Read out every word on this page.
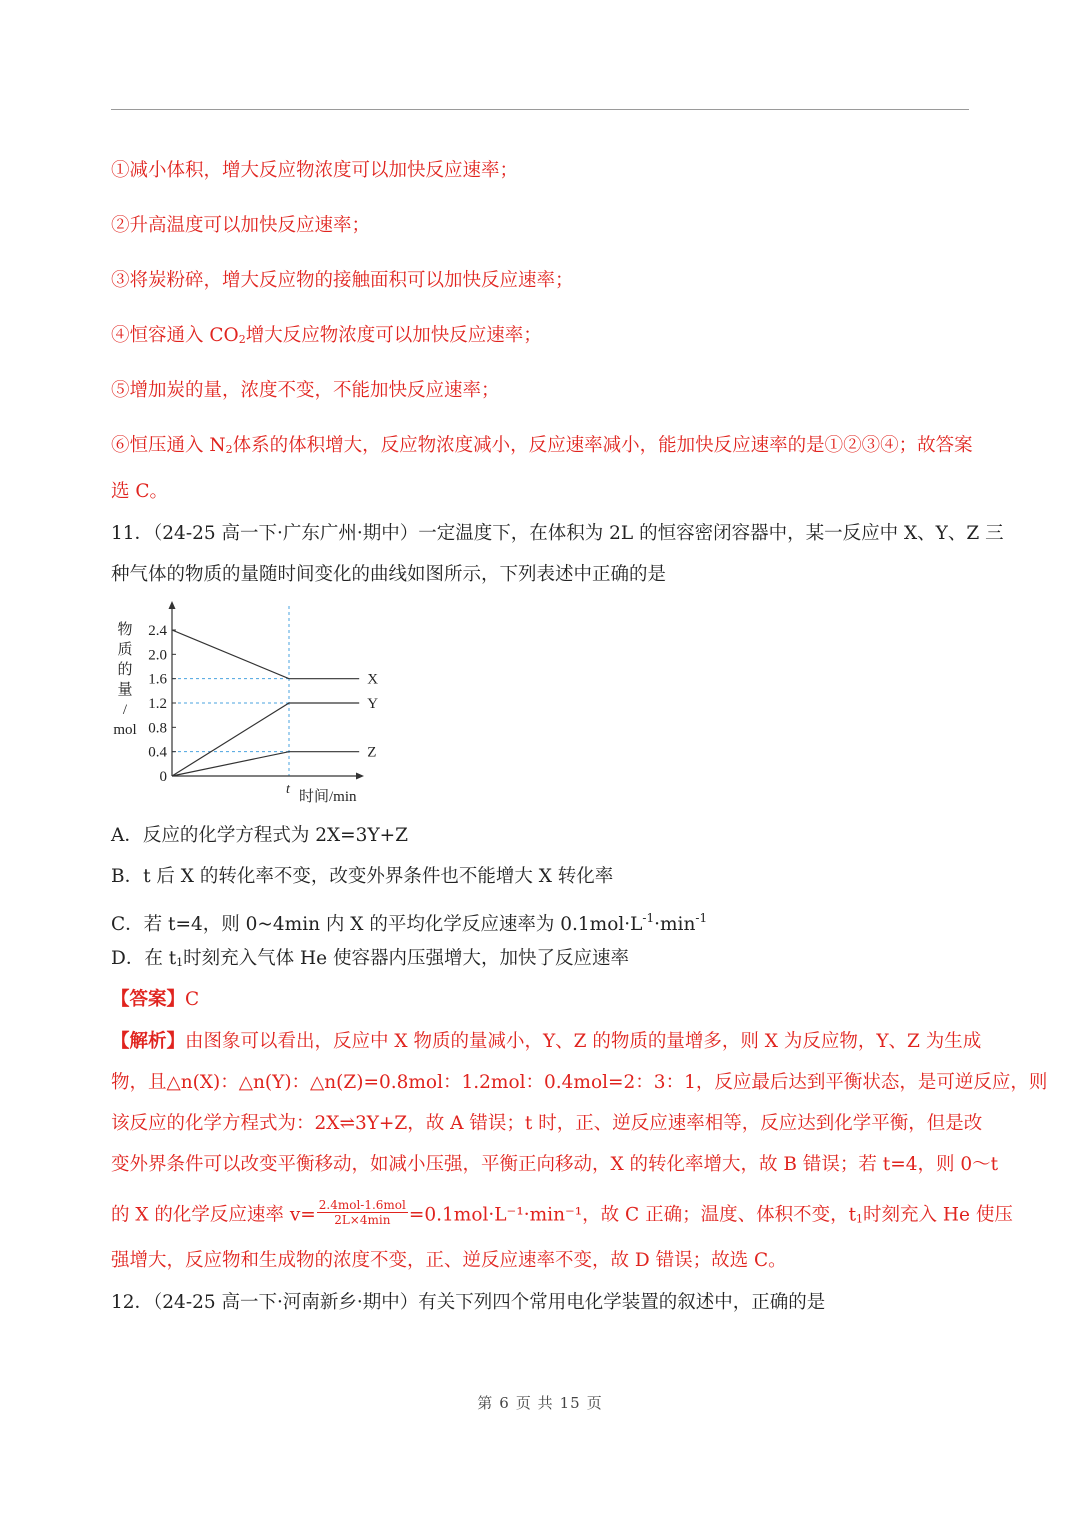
①减小体积，增大反应物浓度可以加快反应速率；
②升高温度可以加快反应速率；
③将炭粉碎，增大反应物的接触面积可以加快反应速率；
④恒容通入 CO2增大反应物浓度可以加快反应速率；
⑤增加炭的量，浓度不变，不能加快反应速率；
⑥恒压通入 N2体系的体积增大，反应物浓度减小，反应速率减小，能加快反应速率的是①②③④；故答案
选 C。
11．（24-25 高一下·广东广州·期中）一定温度下，在体积为 2L 的恒容密闭容器中，某一反应中 X、Y、Z 三
种气体的物质的量随时间变化的曲线如图所示，下列表述中正确的是
物
质
的
量
/
mol
2.4
2.0
1.6
1.2
0.8
0.4
0
X
Y
Z
t 时间/min
A．反应的化学方程式为 2X=3Y+Z
B．t 后 X 的转化率不变，改变外界条件也不能增大 X 转化率
C．若 t=4，则 0~4min 内 X 的平均化学反应速率为 $0.1mol\cdot L^{-1}\cdot\min^{-1}$
D．在 t1时刻充入气体 He 使容器内压强增大，加快了反应速率
【答案】C
【解析】由图象可以看出，反应中 X 物质的量减小，Y、Z 的物质的量增多，则 X 为反应物，Y、Z 为生成
物，且△n(X)：△n(Y)：△n(Z)=0.8mol：1.2mol：0.4mol=2：3：1，反应最后达到平衡状态，是可逆反应，则
该反应的化学方程式为：2X⇌3Y+Z，故 A 错误；t 时，正、逆反应速率相等，反应达到化学平衡，但是改
变外界条件可以改变平衡移动，如减小压强，平衡正向移动，X 的转化率增大，故 B 错误；若 t=4，则 0～t
的 X 的化学反应速率 $v= \frac{\text{2.4mol-1.6mol}}{2L\times 4\min} =0.1mol\cdot L^{-1}\cdot\min^{-1}$，故 C 正确；温度、体积不变，t1时刻充入 He 使压
强增大，反应物和生成物的浓度不变，正、逆反应速率不变，故 D 错误；故选 C。
12．（24-25 高一下·河南新乡·期中）有关下列四个常用电化学装置的叙述中，正确的是
第 6 页 共 15 页
